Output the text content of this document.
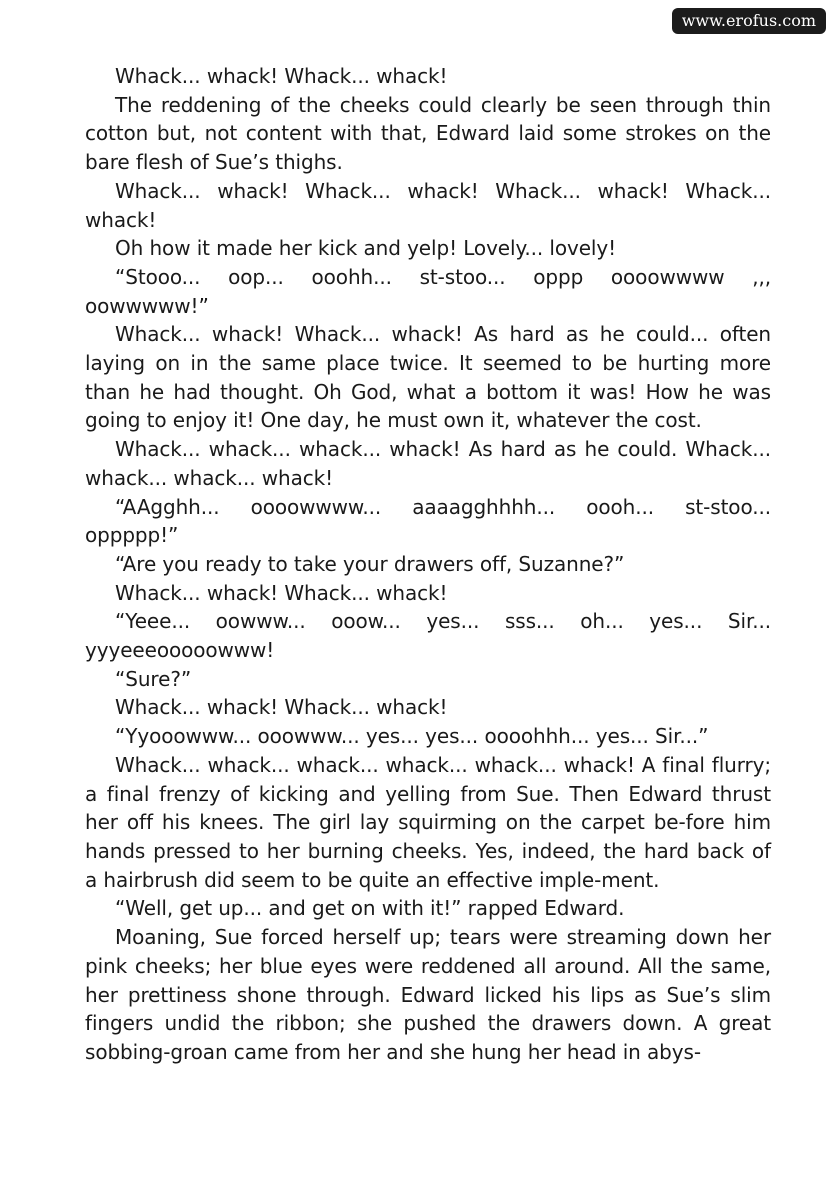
www.erofus.com

Whack... whack! Whack... whack!

The reddening of the cheeks could clearly be seen through thin cotton but, not content with that, Edward laid some strokes on the bare flesh of Sue’s thighs.

Whack... whack! Whack... whack! Whack... whack! Whack... whack!

Oh how it made her kick and yelp! Lovely... lovely!

“Stooo... oop... ooohh... st-stoo... oppp oooowwww ,,, oowwwww!”

Whack... whack! Whack... whack! As hard as he could... often laying on in the same place twice. It seemed to be hurting more than he had thought. Oh God, what a bottom it was! How he was going to enjoy it! One day, he must own it, whatever the cost.

Whack... whack... whack... whack! As hard as he could. Whack... whack... whack... whack!

“AAgghh... oooowwww... aaaagghhhh... oooh... st-stoo... oppppp!”

“Are you ready to take your drawers off, Suzanne?”

Whack... whack! Whack... whack!

“Yeee... oowww... ooow... yes... sss... oh... yes... Sir... yyyeeeooooowww!

“Sure?”

Whack... whack! Whack... whack!

“Yyooowww... ooowww... yes... yes... oooohhh... yes... Sir...”

Whack... whack... whack... whack... whack... whack! A final flurry; a final frenzy of kicking and yelling from Sue. Then Edward thrust her off his knees. The girl lay squirming on the carpet be-fore him hands pressed to her burning cheeks. Yes, indeed, the hard back of a hairbrush did seem to be quite an effective imple-ment.

“Well, get up... and get on with it!” rapped Edward.

Moaning, Sue forced herself up; tears were streaming down her pink cheeks; her blue eyes were reddened all around. All the same, her prettiness shone through. Edward licked his lips as Sue’s slim fingers undid the ribbon; she pushed the drawers down. A great sobbing-groan came from her and she hung her head in abys-
